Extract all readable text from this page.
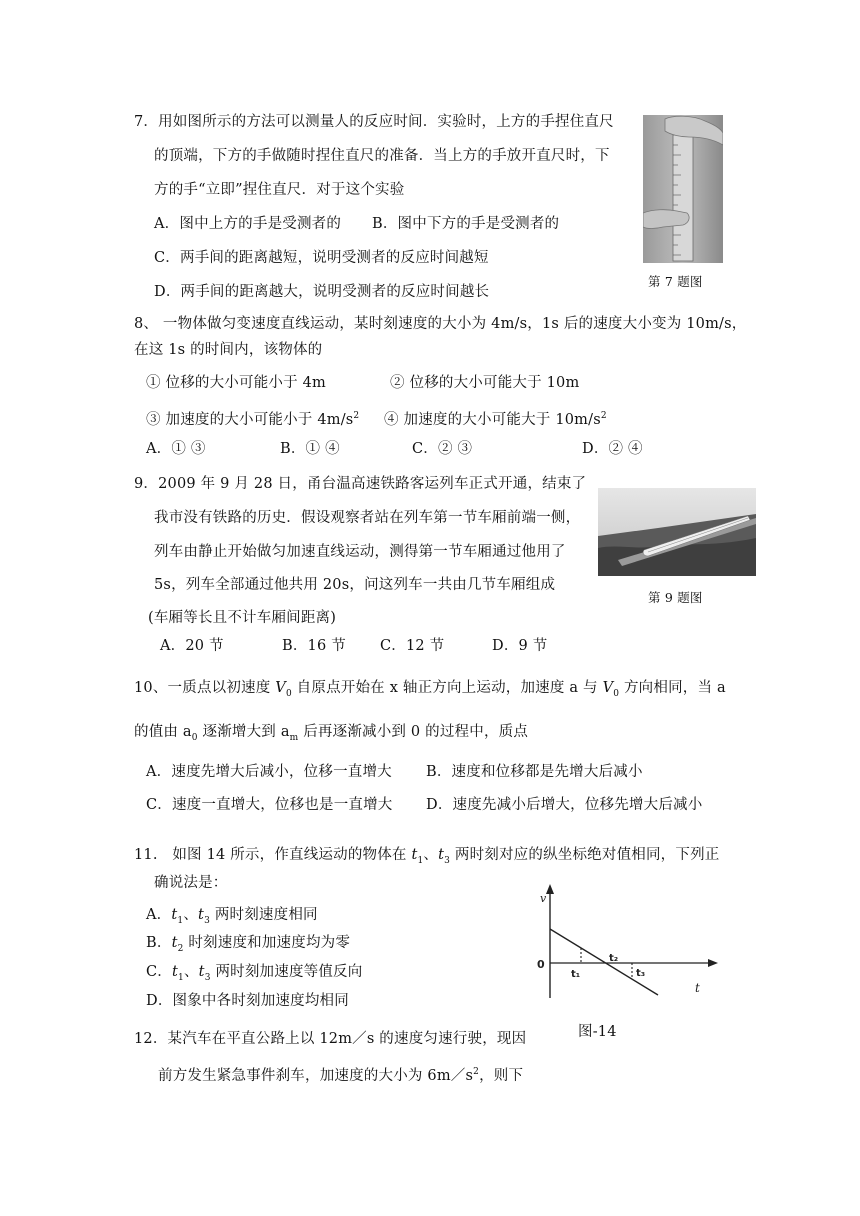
7．用如图所示的方法可以测量人的反应时间．实验时，上方的手捏住直尺
的顶端，下方的手做随时捏住直尺的准备．当上方的手放开直尺时，下
方的手“立即”捏住直尺．对于这个实验
A．图中上方的手是受测者的 B．图中下方的手是受测者的
C．两手间的距离越短，说明受测者的反应时间越短
D．两手间的距离越大，说明受测者的反应时间越长
第 7 题图
8、 一物体做匀变速度直线运动，某时刻速度的大小为 4m/s，1s 后的速度大小变为 10m/s，
在这 1s 的时间内，该物体的
① 位移的大小可能小于 4m	② 位移的大小可能大于 10m
③ 加速度的大小可能小于 $4m/s^2$ ④ 加速度的大小可能大于 $10m/s^2$
A．① ③	B．① ④	C．② ③	D．② ④
9．2009 年 9 月 28 日，甬台温高速铁路客运列车正式开通，结束了
我市没有铁路的历史．假设观察者站在列车第一节车厢前端一侧，
列车由静止开始做匀加速直线运动，测得第一节车厢通过他用了
5s，列车全部通过他共用 20s，问这列车一共由几节车厢组成
(车厢等长且不计车厢间距离)
A．20 节	B．16 节 C．12 节	D．9 节
第 9 题图
10、一质点以初速度 $V_0$ 自原点开始在 x 轴正方向上运动，加速度 a 与 $V_0$ 方向相同，当 a
的值由 $a_0$ 逐渐增大到 $a_m$ 后再逐渐减小到 0 的过程中，质点
A．速度先增大后减小，位移一直增大 B．速度和位移都是先增大后减小
C．速度一直增大，位移也是一直增大 D．速度先减小后增大，位移先增大后减小
11.　如图 14 所示，作直线运动的物体在 $t_1$、$t_3$ 两时刻对应的纵坐标绝对值相同，下列正
确说法是：
A．$t_1$、$t_3$ 两时刻速度相同
B．$t_2$ 时刻速度和加速度均为零
C．$t_1$、$t_3$ 两时刻加速度等值反向
D．图象中各时刻加速度均相同
v
t
0
t₁
t₂
t₃
图-14
12．某汽车在平直公路上以 12m／s 的速度匀速行驶，现因
前方发生紧急事件刹车，加速度的大小为 $6m/s^2$，则下
